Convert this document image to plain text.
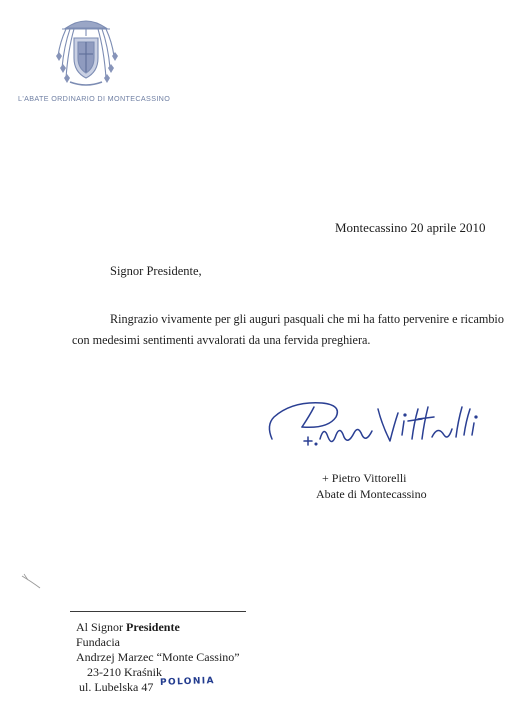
L'ABATE ORDINARIO DI MONTECASSINO
Montecassino 20 aprile 2010
Signor Presidente,
Ringrazio vivamente per gli auguri pasquali che mi ha fatto pervenire e ricambio
con medesimi sentimenti avvalorati da una fervida preghiera.
+ Pietro Vittorelli
Abate di Montecassino
Al Signor Presidente
Fundacia
Andrzej Marzec “Monte Cassino”
23-210 Kraśnik
ul. Lubelska 47 POLONIA
